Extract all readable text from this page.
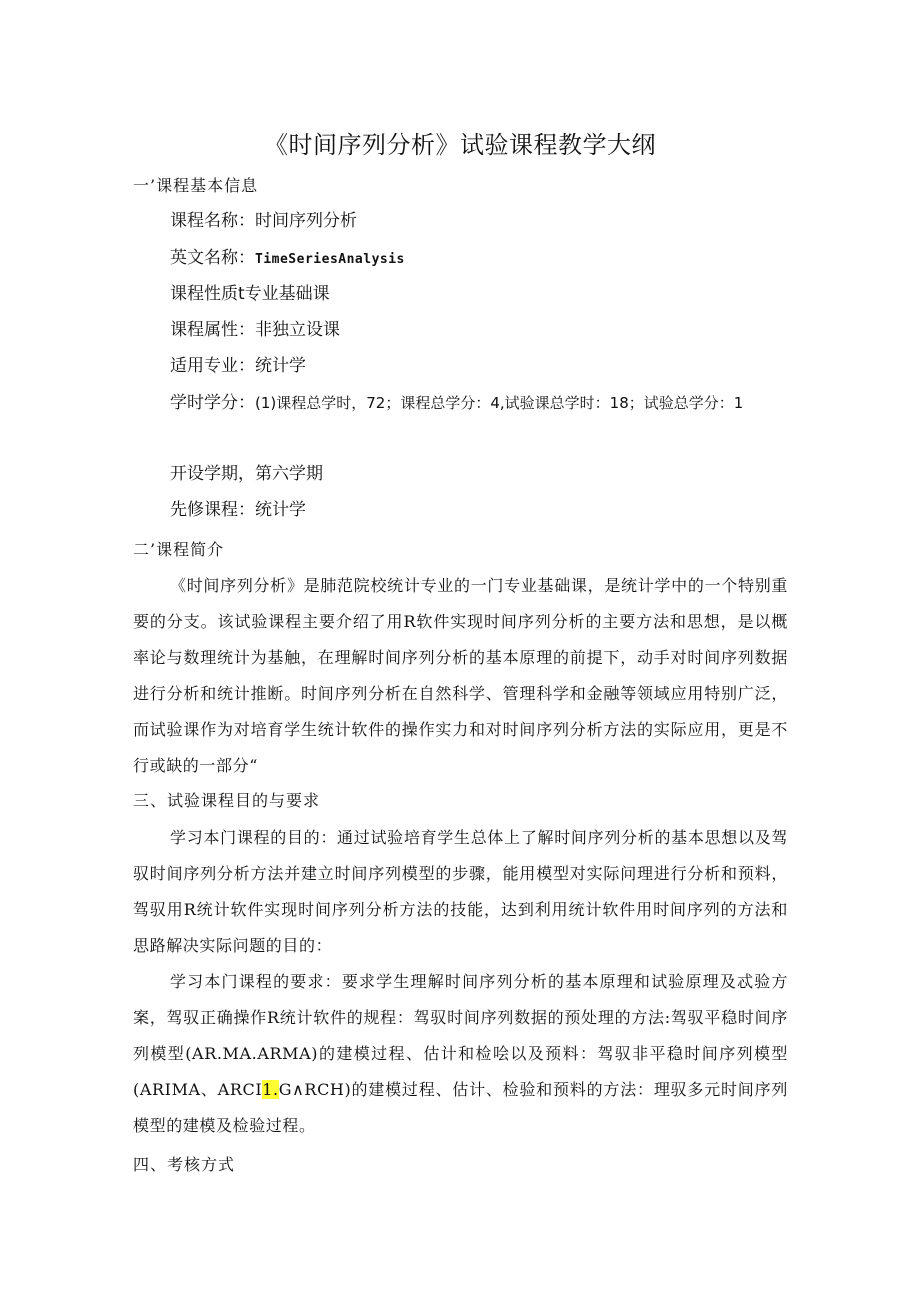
《时间序列分析》试验课程教学大纲
一’课程基本信息
课程名称：时间序列分析
英文名称：TimeSeriesAnalysis
课程性质t专业基础课
课程属性：非独立设课
适用专业：统计学
学时学分：(1)课程总学时，72；课程总学分：4,试验课总学时：18；试验总学分：1
开设学期，第六学期
先修课程：统计学
二’课程简介
《时间序列分析》是肺范院校统计专业的一门专业基础课，是统计学中的一个特别重要的分支。该试验课程主要介绍了用R软件实现时间序列分析的主要方法和思想，是以概率论与数理统计为基触，在理解时间序列分析的基本原理的前提下，动手对时间序列数据进行分析和统计推断。时间序列分析在自然科学、管理科学和金融等领域应用特别广泛，而试验课作为对培育学生统计软件的操作实力和对时间序列分析方法的实际应用，更是不行或缺的一部分“
三、试验课程目的与要求
学习本门课程的目的：通过试验培育学生总体上了解时间序列分析的基本思想以及驾驭时间序列分析方法并建立时间序列模型的步骤，能用模型对实际问理进行分析和预料，驾驭用R统计软件实现时间序列分析方法的技能，达到利用统计软件用时间序列的方法和思路解决实际问题的目的：
学习本门课程的要求：要求学生理解时间序列分析的基本原理和试验原理及忒验方案，驾驭正确操作R统计软件的规程：驾驭时间序列数据的预处理的方法:驾驭平稳时间序列模型(AR.MA.ARMA)的建模过程、估计和检哙以及预料：驾驭非平稳时间序列模型(ARIMA、ARCI1.G∧RCH)的建模过程、估计、检验和预料的方法：理驭多元时间序列模型的建模及检验过程。
四、考核方式
